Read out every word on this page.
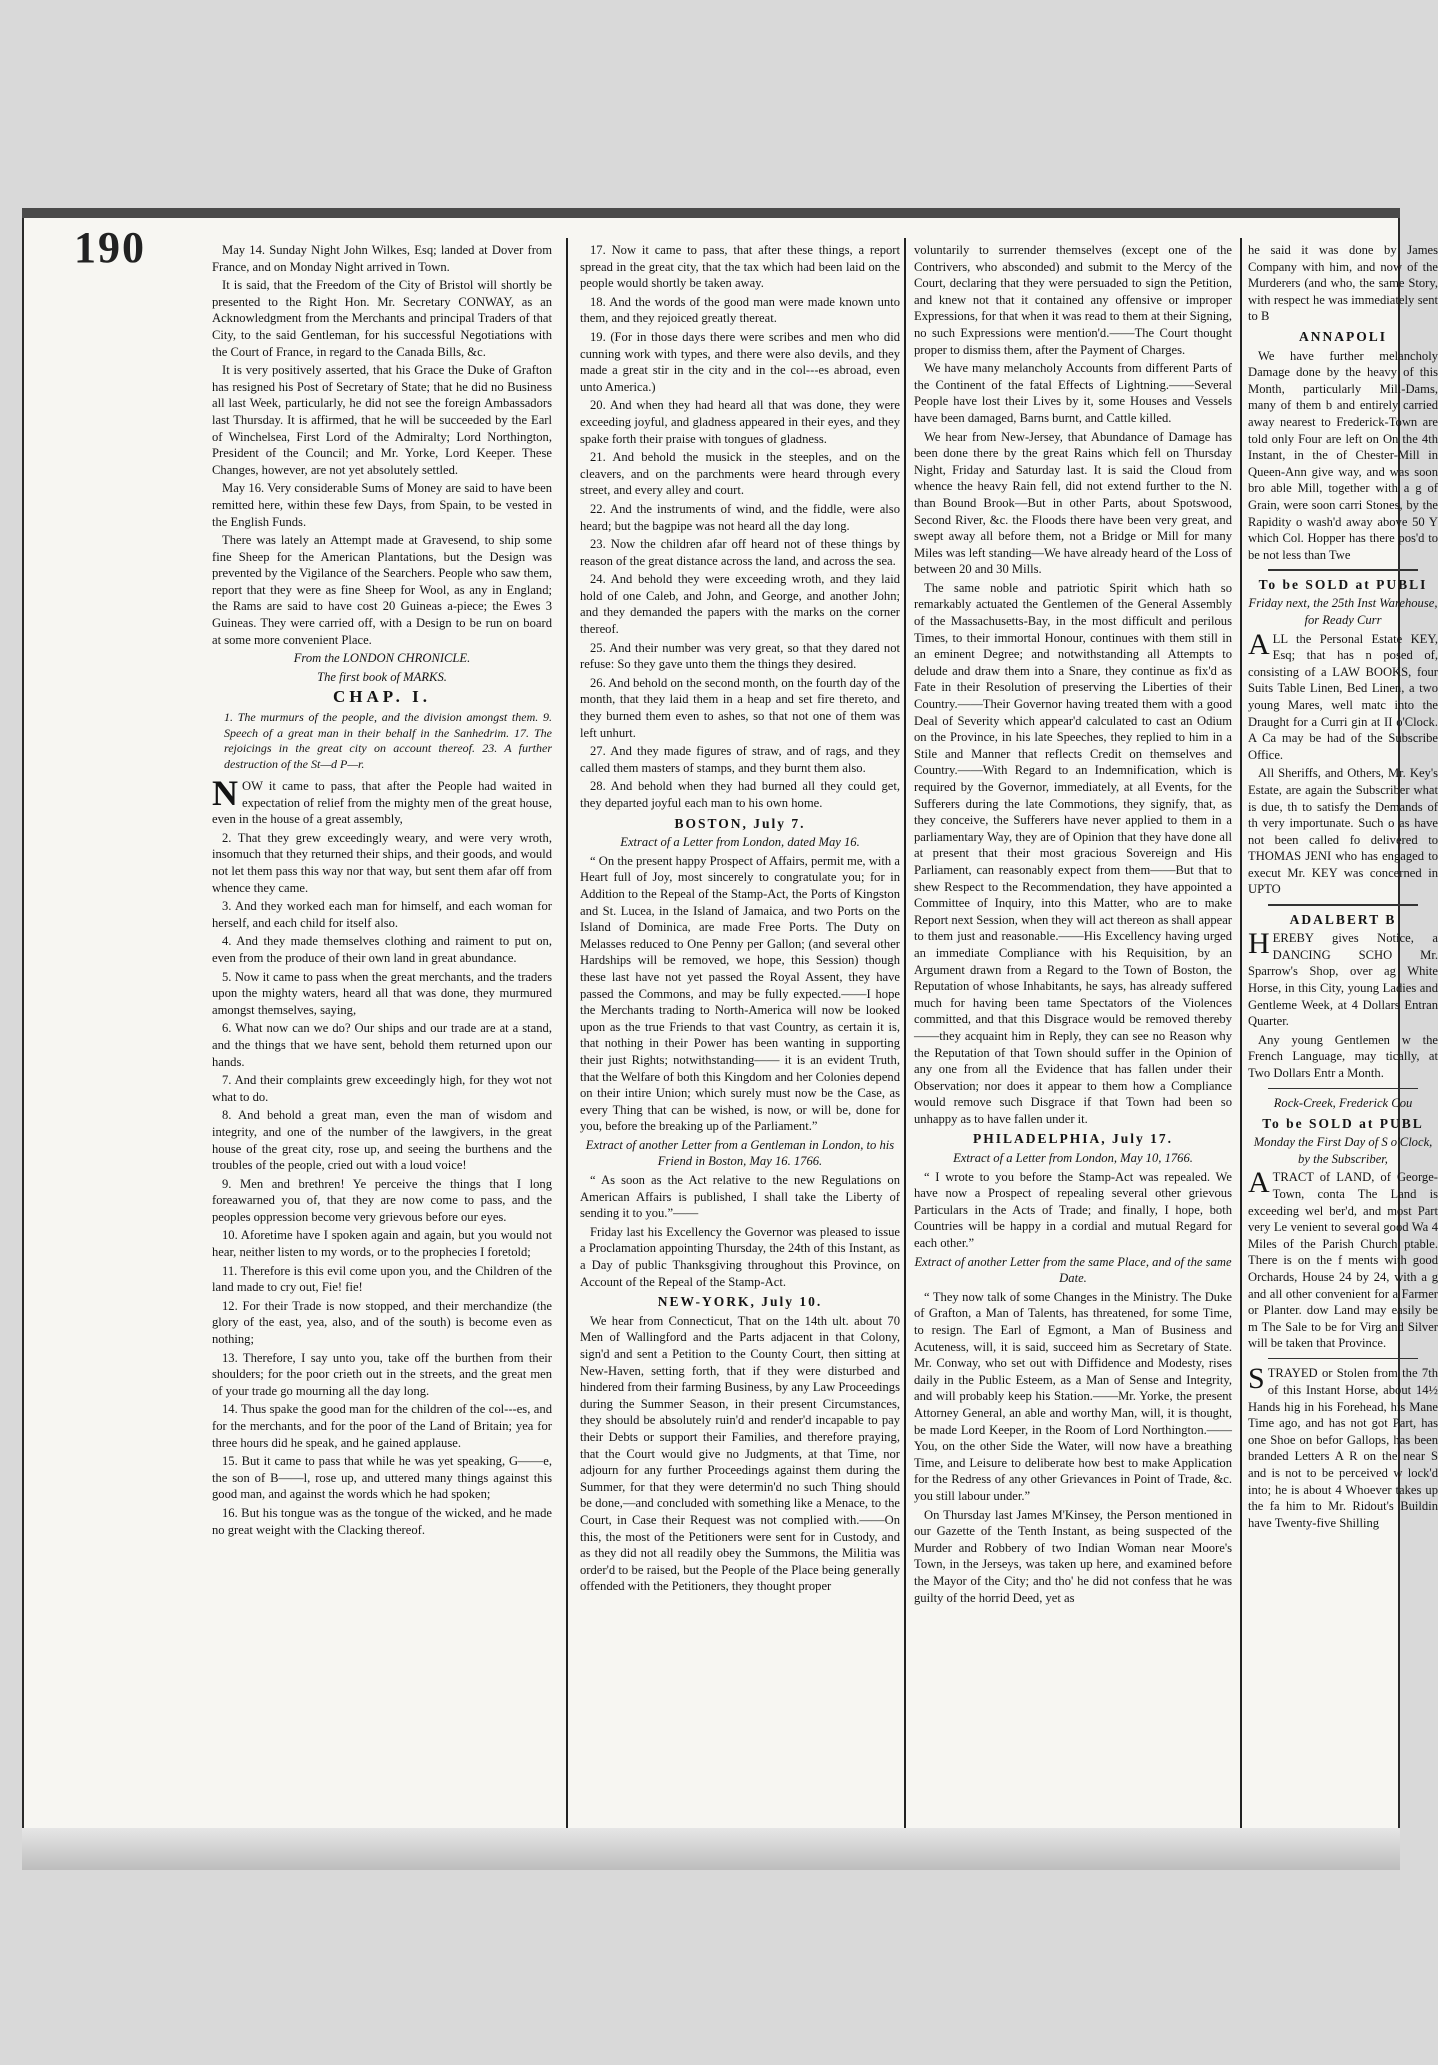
190	May 14. Sunday Night John Wilkes, Esq; landed at Dover from France, and on Monday Night arrived in Town.

It is said, that the Freedom of the City of Bristol will shortly be presented to the Right Hon. Mr. Secretary CONWAY, as an Acknowledgment from the Merchants and principal Traders of that City, to the said Gentleman, for his successful Negotiations with the Court of France, in regard to the Canada Bills, &c.

It is very positively asserted, that his Grace the Duke of Grafton has resigned his Post of Secretary of State; that he did no Business all last Week, particularly, he did not see the foreign Ambassadors last Thursday. It is affirmed, that he will be succeeded by the Earl of Winchelsea, First Lord of the Admiralty; Lord Northington, President of the Council; and Mr. Yorke, Lord Keeper. These Changes, however, are not yet absolutely settled.

May 16. Very considerable Sums of Money are said to have been remitted here, within these few Days, from Spain, to be vested in the English Funds.

There was lately an Attempt made at Gravesend, to ship some fine Sheep for the American Plantations, but the Design was prevented by the Vigilance of the Searchers. People who saw them, report that they were as fine Sheep for Wool, as any in England; the Rams are said to have cost 20 Guineas a-piece; the Ewes 3 Guineas. They were carried off, with a Design to be run on board at some more convenient Place.

From the LONDON CHRONICLE.
The first book of MARKS.
CHAP. I.
1. The murmurs of the people, and the division amongst them. 9. Speech of a great man in their behalf in the Sanhedrim. 17. The rejoicings in the great city on account thereof. 23. A further destruction of the St—d P—r.

NOW it came to pass, that after the People had waited in expectation of relief from the mighty men of the great house, even in the house of a great assembly,

2. That they grew exceedingly weary, and were very wroth, insomuch that they returned their ships, and their goods, and would not let them pass this way nor that way, but sent them afar off from whence they came.

3. And they worked each man for himself, and each woman for herself, and each child for itself also.

4. And they made themselves clothing and raiment to put on, even from the produce of their own land in great abundance.

5. Now it came to pass when the great merchants, and the traders upon the mighty waters, heard all that was done, they murmured amongst themselves, saying,

6. What now can we do? Our ships and our trade are at a stand, and the things that we have sent, behold them returned upon our hands.

7. And their complaints grew exceedingly high, for they wot not what to do.

8. And behold a great man, even the man of wisdom and integrity, and one of the number of the lawgivers, in the great house of the great city, rose up, and seeing the burthens and the troubles of the people, cried out with a loud voice!

9. Men and brethren! Ye perceive the things that I long foreawarned you of, that they are now come to pass, and the peoples oppression become very grievous before our eyes.

10. Aforetime have I spoken again and again, but you would not hear, neither listen to my words, or to the prophecies I foretold;

11. Therefore is this evil come upon you, and the Children of the land made to cry out, Fie! fie!

12. For their Trade is now stopped, and their merchandize (the glory of the east, yea, also, and of the south) is become even as nothing;

13. Therefore, I say unto you, take off the burthen from their shoulders; for the poor crieth out in the streets, and the great men of your trade go mourning all the day long.

14. Thus spake the good man for the children of the col---es, and for the merchants, and for the poor of the Land of Britain; yea for three hours did he speak, and he gained applause.

15. But it came to pass that while he was yet speaking, G——e, the son of B——l, rose up, and uttered many things against this good man, and against the words which he had spoken;

16. But his tongue was as the tongue of the wicked, and he made no great weight with the Clacking thereof.

17. Now it came to pass, that after these things, a report spread in the great city, that the tax which had been laid on the people would shortly be taken away.

18. And the words of the good man were made known unto them, and they rejoiced greatly thereat.

19. (For in those days there were scribes and men who did cunning work with types, and there were also devils, and they made a great stir in the city and in the col---es abroad, even unto America.)

20. And when they had heard all that was done, they were exceeding joyful, and gladness appeared in their eyes, and they spake forth their praise with tongues of gladness.

21. And behold the musick in the steeples, and on the cleavers, and on the parchments were heard through every street, and every alley and court.

22. And the instruments of wind, and the fiddle, were also heard; but the bagpipe was not heard all the day long.

23. Now the children afar off heard not of these things by reason of the great distance across the land, and across the sea.

24. And behold they were exceeding wroth, and they laid hold of one Caleb, and John, and George, and another John; and they demanded the papers with the marks on the corner thereof.

25. And their number was very great, so that they dared not refuse: So they gave unto them the things they desired.

26. And behold on the second month, on the fourth day of the month, that they laid them in a heap and set fire thereto, and they burned them even to ashes, so that not one of them was left unhurt.

27. And they made figures of straw, and of rags, and they called them masters of stamps, and they burnt them also.

28. And behold when they had burned all they could get, they departed joyful each man to his own home.

BOSTON, July 7.
Extract of a Letter from London, dated May 16.

“ On the present happy Prospect of Affairs, permit me, with a Heart full of Joy, most sincerely to congratulate you; for in Addition to the Repeal of the Stamp-Act, the Ports of Kingston and St. Lucea, in the Island of Jamaica, and two Ports on the Island of Dominica, are made Free Ports. The Duty on Melasses reduced to One Penny per Gallon; (and several other Hardships will be removed, we hope, this Session) though these last have not yet passed the Royal Assent, they have passed the Commons, and may be fully expected.——I hope the Merchants trading to North-America will now be looked upon as the true Friends to that vast Country, as certain it is, that nothing in their Power has been wanting in supporting their just Rights; notwithstanding—— it is an evident Truth, that the Welfare of both this Kingdom and her Colonies depend on their intire Union; which surely must now be the Case, as every Thing that can be wished, is now, or will be, done for you, before the breaking up of the Parliament.”

Extract of another Letter from a Gentleman in London, to his Friend in Boston, May 16. 1766.

“ As soon as the Act relative to the new Regulations on American Affairs is published, I shall take the Liberty of sending it to you.”——

Friday last his Excellency the Governor was pleased to issue a Proclamation appointing Thursday, the 24th of this Instant, as a Day of public Thanksgiving throughout this Province, on Account of the Repeal of the Stamp-Act.

NEW-YORK, July 10.

We hear from Connecticut, That on the 14th ult. about 70 Men of Wallingford and the Parts adjacent in that Colony, sign'd and sent a Petition to the County Court, then sitting at New-Haven, setting forth, that if they were disturbed and hindered from their farming Business, by any Law Proceedings during the Summer Season, in their present Circumstances, they should be absolutely ruin'd and render'd incapable to pay their Debts or support their Families, and therefore praying, that the Court would give no Judgments, at that Time, nor adjourn for any further Proceedings against them during the Summer, for that they were determin'd no such Thing should be done,—and concluded with something like a Menace, to the Court, in Case their Request was not complied with.——On this, the most of the Petitioners were sent for in Custody, and as they did not all readily obey the Summons, the Militia was order'd to be raised, but the People of the Place being generally offended with the Petitioners, they thought proper

voluntarily to surrender themselves (except one of the Contrivers, who absconded) and submit to the Mercy of the Court, declaring that they were persuaded to sign the Petition, and knew not that it contained any offensive or improper Expressions, for that when it was read to them at their Signing, no such Expressions were mention'd.——The Court thought proper to dismiss them, after the Payment of Charges.

We have many melancholy Accounts from different Parts of the Continent of the fatal Effects of Lightning.——Several People have lost their Lives by it, some Houses and Vessels have been damaged, Barns burnt, and Cattle killed.

We hear from New-Jersey, that Abundance of Damage has been done there by the great Rains which fell on Thursday Night, Friday and Saturday last. It is said the Cloud from whence the heavy Rain fell, did not extend further to the N. than Bound Brook—But in other Parts, about Spotswood, Second River, &c. the Floods there have been very great, and swept away all before them, not a Bridge or Mill for many Miles was left standing—We have already heard of the Loss of between 20 and 30 Mills.

The same noble and patriotic Spirit which hath so remarkably actuated the Gentlemen of the General Assembly of the Massachusetts-Bay, in the most difficult and perilous Times, to their immortal Honour, continues with them still in an eminent Degree; and notwithstanding all Attempts to delude and draw them into a Snare, they continue as fix'd as Fate in their Resolution of preserving the Liberties of their Country.——Their Governor having treated them with a good Deal of Severity which appear'd calculated to cast an Odium on the Province, in his late Speeches, they replied to him in a Stile and Manner that reflects Credit on themselves and Country.——With Regard to an Indemnification, which is required by the Governor, immediately, at all Events, for the Sufferers during the late Commotions, they signify, that, as they conceive, the Sufferers have never applied to them in a parliamentary Way, they are of Opinion that they have done all at present that their most gracious Sovereign and His Parliament, can reasonably expect from them——But that to shew Respect to the Recommendation, they have appointed a Committee of Inquiry, into this Matter, who are to make Report next Session, when they will act thereon as shall appear to them just and reasonable.——His Excellency having urged an immediate Compliance with his Requisition, by an Argument drawn from a Regard to the Town of Boston, the Reputation of whose Inhabitants, he says, has already suffered much for having been tame Spectators of the Violences committed, and that this Disgrace would be removed thereby——they acquaint him in Reply, they can see no Reason why the Reputation of that Town should suffer in the Opinion of any one from all the Evidence that has fallen under their Observation; nor does it appear to them how a Compliance would remove such Disgrace if that Town had been so unhappy as to have fallen under it.

PHILADELPHIA, July 17.
Extract of a Letter from London, May 10, 1766.

“ I wrote to you before the Stamp-Act was repealed. We have now a Prospect of repealing several other grievous Particulars in the Acts of Trade; and finally, I hope, both Countries will be happy in a cordial and mutual Regard for each other.”

Extract of another Letter from the same Place, and of the same Date.

“ They now talk of some Changes in the Ministry. The Duke of Grafton, a Man of Talents, has threatened, for some Time, to resign. The Earl of Egmont, a Man of Business and Acuteness, will, it is said, succeed him as Secretary of State. Mr. Conway, who set out with Diffidence and Modesty, rises daily in the Public Esteem, as a Man of Sense and Integrity, and will probably keep his Station.——Mr. Yorke, the present Attorney General, an able and worthy Man, will, it is thought, be made Lord Keeper, in the Room of Lord Northington.——You, on the other Side the Water, will now have a breathing Time, and Leisure to deliberate how best to make Application for the Redress of any other Grievances in Point of Trade, &c. you still labour under.”

On Thursday last James M'Kinsey, the Person mentioned in our Gazette of the Tenth Instant, as being suspected of the Murder and Robbery of two Indian Woman near Moore's Town, in the Jerseys, was taken up here, and examined before the Mayor of the City; and tho' he did not confess that he was guilty of the horrid Deed, yet as

he said it was done by James Company with him, and now of the Murderers (and who, the same Story, with respect he was immediately sent to B

ANNAPOLI

We have further melancholy Damage done by the heavy of this Month, particularly Mill-Dams, many of them b and entirely carried away nearest to Frederick-Town are told only Four are left on On the 4th Instant, in the of Chester-Mill in Queen-Ann give way, and was soon bro able Mill, together with a g of Grain, were soon carri Stones, by the Rapidity o wash'd away above 50 Y which Col. Hopper has there pos'd to be not less than Twe

To be SOLD at PUBLI
Friday next, the 25th Inst Warehouse, for Ready Curr

ALL the Personal Estate KEY, Esq; that has n posed of, consisting of a LAW BOOKS, four Suits Table Linen, Bed Linen, a two young Mares, well matc into the Draught for a Curri gin at II o'Clock. A Ca may be had of the Subscribe Office.

All Sheriffs, and Others, Mr. Key's Estate, are again the Subscriber what is due, th to satisfy the Demands of th very importunate. Such o as have not been called fo delivered to THOMAS JENI who has engaged to execut Mr. KEY was concerned in UPTO

ADALBERT B

HEREBY gives Notice, a DANCING SCHO Mr. Sparrow's Shop, over ag White Horse, in this City, young Ladies and Gentleme Week, at 4 Dollars Entran Quarter.

Any young Gentlemen w the French Language, may tically, at Two Dollars Entr a Month.

Rock-Creek, Frederick Cou
To be SOLD at PUBL
Monday the First Day of S o'Clock, by the Subscriber,

ATRACT of LAND, of George-Town, conta The Land is exceeding wel ber'd, and most Part very Le venient to several good Wa 4 Miles of the Parish Church ptable. There is on the f ments with good Orchards, House 24 by 24, with a g and all other convenient for a Farmer or Planter. dow Land may easily be m The Sale to be for Virg and Silver will be taken that Province.

STRAYED or Stolen from the 7th of this Instant Horse, about 14½ Hands hig in his Forehead, his Mane Time ago, and has not got Part, has one Shoe on befor Gallops, has been branded Letters A R on the near S and is not to be perceived w lock'd into; he is about 4 Whoever takes up the fa him to Mr. Ridout's Buildin have Twenty-five Shilling
